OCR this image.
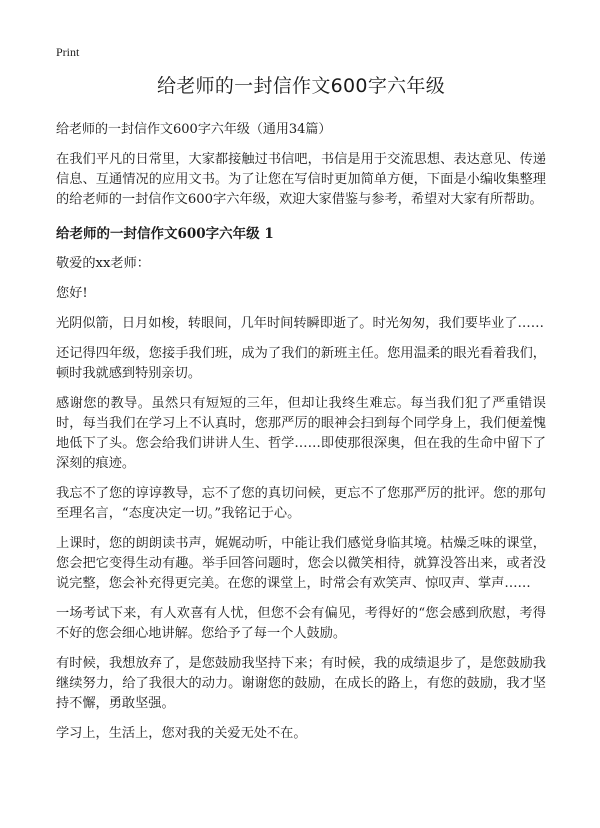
Print
给老师的一封信作文600字六年级
给老师的一封信作文600字六年级（通用34篇）

在我们平凡的日常里，大家都接触过书信吧，书信是用于交流思想、表达意见、传递信息、互通情况的应用文书。为了让您在写信时更加简单方便，下面是小编收集整理的给老师的一封信作文600字六年级，欢迎大家借鉴与参考，希望对大家有所帮助。

给老师的一封信作文600字六年级 1

敬爱的xx老师：

您好!

光阴似箭，日月如梭，转眼间，几年时间转瞬即逝了。时光匆匆，我们要毕业了……

还记得四年级，您接手我们班，成为了我们的新班主任。您用温柔的眼光看着我们，顿时我就感到特别亲切。

感谢您的教导。虽然只有短短的三年，但却让我终生难忘。每当我们犯了严重错误时，每当我们在学习上不认真时，您那严厉的眼神会扫到每个同学身上，我们便羞愧地低下了头。您会给我们讲讲人生、哲学……即使那很深奥，但在我的生命中留下了深刻的痕迹。

我忘不了您的谆谆教导，忘不了您的真切问候，更忘不了您那严厉的批评。您的那句至理名言，“态度决定一切。”我铭记于心。

上课时，您的朗朗读书声，娓娓动听，中能让我们感觉身临其境。枯燥乏味的课堂，您会把它变得生动有趣。举手回答问题时，您会以微笑相待，就算没答出来，或者没说完整，您会补充得更完美。在您的课堂上，时常会有欢笑声、惊叹声、掌声……

一场考试下来，有人欢喜有人忧，但您不会有偏见，考得好的“您会感到欣慰，考得不好的您会细心地讲解。您给予了每一个人鼓励。

有时候，我想放弃了，是您鼓励我坚持下来；有时候，我的成绩退步了，是您鼓励我继续努力，给了我很大的动力。谢谢您的鼓励，在成长的路上，有您的鼓励，我才坚持不懈，勇敢坚强。

学习上，生活上，您对我的关爱无处不在。
